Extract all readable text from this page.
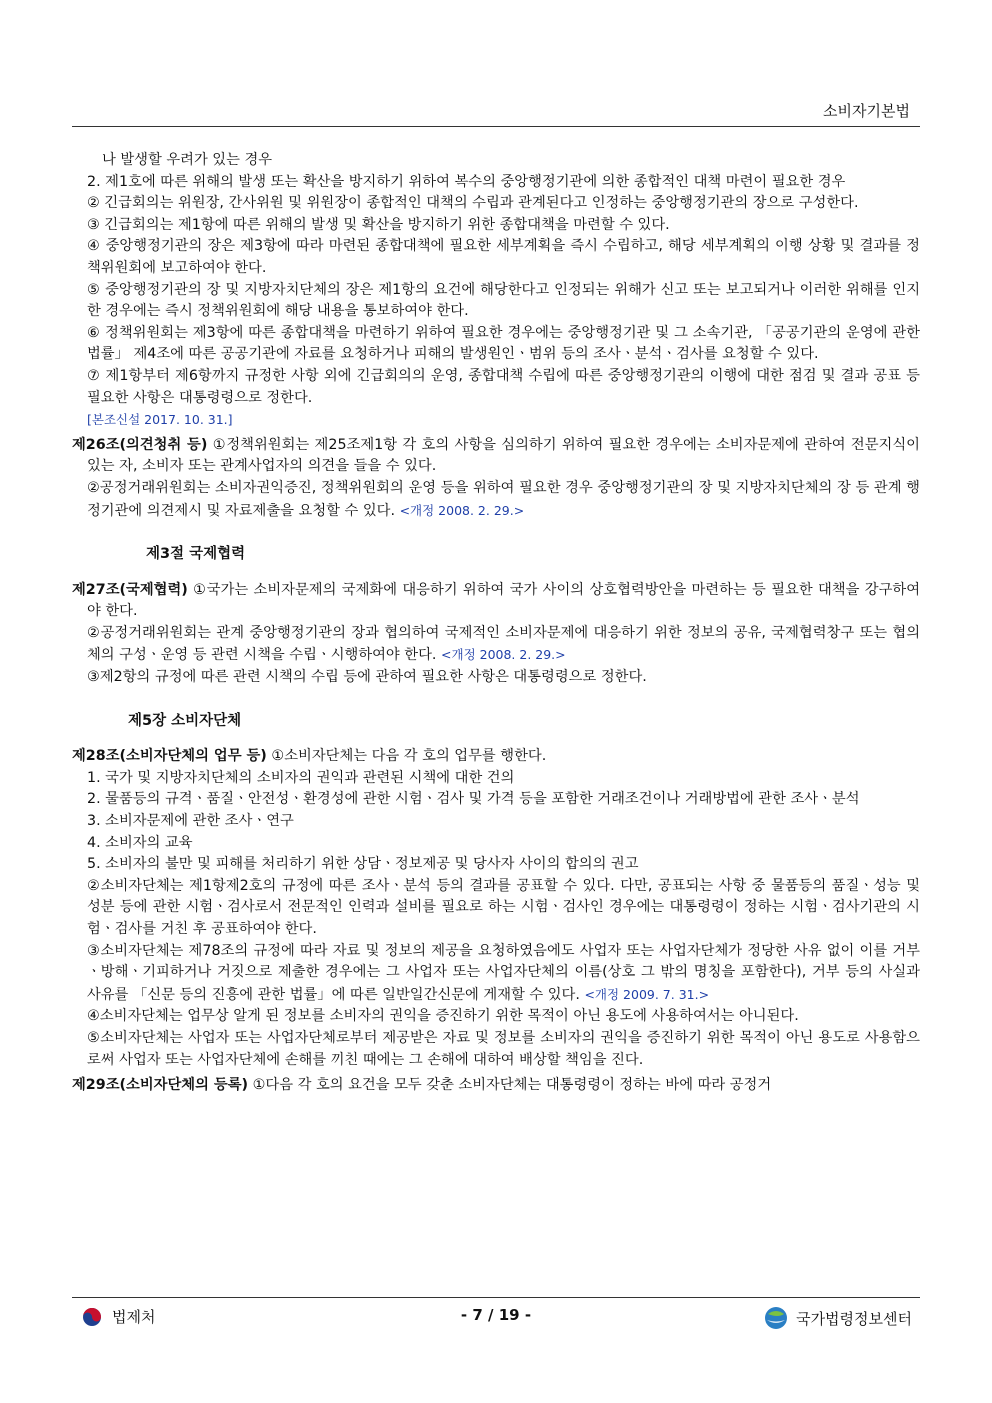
소비자기본법
나 발생할 우려가 있는 경우
2. 제1호에 따른 위해의 발생 또는 확산을 방지하기 위하여 복수의 중앙행정기관에 의한 종합적인 대책 마련이 필요한 경우
② 긴급회의는 위원장, 간사위원 및 위원장이 종합적인 대책의 수립과 관계된다고 인정하는 중앙행정기관의 장으로 구성한다.
③ 긴급회의는 제1항에 따른 위해의 발생 및 확산을 방지하기 위한 종합대책을 마련할 수 있다.
④ 중앙행정기관의 장은 제3항에 따라 마련된 종합대책에 필요한 세부계획을 즉시 수립하고, 해당 세부계획의 이행 상황 및 결과를 정책위원회에 보고하여야 한다.
⑤ 중앙행정기관의 장 및 지방자치단체의 장은 제1항의 요건에 해당한다고 인정되는 위해가 신고 또는 보고되거나 이러한 위해를 인지한 경우에는 즉시 정책위원회에 해당 내용을 통보하여야 한다.
⑥ 정책위원회는 제3항에 따른 종합대책을 마련하기 위하여 필요한 경우에는 중앙행정기관 및 그 소속기관, 「공공기관의 운영에 관한 법률」 제4조에 따른 공공기관에 자료를 요청하거나 피해의 발생원인ㆍ범위 등의 조사ㆍ분석ㆍ검사를 요청할 수 있다.
⑦ 제1항부터 제6항까지 규정한 사항 외에 긴급회의의 운영, 종합대책 수립에 따른 중앙행정기관의 이행에 대한 점검 및 결과 공표 등 필요한 사항은 대통령령으로 정한다.
[본조신설 2017. 10. 31.]
제26조(의견청취 등) ①정책위원회는 제25조제1항 각 호의 사항을 심의하기 위하여 필요한 경우에는 소비자문제에 관하여 전문지식이 있는 자, 소비자 또는 관계사업자의 의견을 들을 수 있다.
②공정거래위원회는 소비자권익증진, 정책위원회의 운영 등을 위하여 필요한 경우 중앙행정기관의 장 및 지방자치단체의 장 등 관계 행정기관에 의견제시 및 자료제출을 요청할 수 있다. <개정 2008. 2. 29.>
제3절 국제협력
제27조(국제협력) ①국가는 소비자문제의 국제화에 대응하기 위하여 국가 사이의 상호협력방안을 마련하는 등 필요한 대책을 강구하여야 한다.
②공정거래위원회는 관계 중앙행정기관의 장과 협의하여 국제적인 소비자문제에 대응하기 위한 정보의 공유, 국제협력창구 또는 협의체의 구성ㆍ운영 등 관련 시책을 수립ㆍ시행하여야 한다. <개정 2008. 2. 29.>
③제2항의 규정에 따른 관련 시책의 수립 등에 관하여 필요한 사항은 대통령령으로 정한다.
제5장 소비자단체
제28조(소비자단체의 업무 등) ①소비자단체는 다음 각 호의 업무를 행한다.
1. 국가 및 지방자치단체의 소비자의 권익과 관련된 시책에 대한 건의
2. 물품등의 규격ㆍ품질ㆍ안전성ㆍ환경성에 관한 시험ㆍ검사 및 가격 등을 포함한 거래조건이나 거래방법에 관한 조사ㆍ분석
3. 소비자문제에 관한 조사ㆍ연구
4. 소비자의 교육
5. 소비자의 불만 및 피해를 처리하기 위한 상담ㆍ정보제공 및 당사자 사이의 합의의 권고
②소비자단체는 제1항제2호의 규정에 따른 조사ㆍ분석 등의 결과를 공표할 수 있다. 다만, 공표되는 사항 중 물품등의 품질ㆍ성능 및 성분 등에 관한 시험ㆍ검사로서 전문적인 인력과 설비를 필요로 하는 시험ㆍ검사인 경우에는 대통령령이 정하는 시험ㆍ검사기관의 시험ㆍ검사를 거친 후 공표하여야 한다.
③소비자단체는 제78조의 규정에 따라 자료 및 정보의 제공을 요청하였음에도 사업자 또는 사업자단체가 정당한 사유 없이 이를 거부ㆍ방해ㆍ기피하거나 거짓으로 제출한 경우에는 그 사업자 또는 사업자단체의 이름(상호 그 밖의 명칭을 포함한다), 거부 등의 사실과 사유를 「신문 등의 진흥에 관한 법률」에 따른 일반일간신문에 게재할 수 있다. <개정 2009. 7. 31.>
④소비자단체는 업무상 알게 된 정보를 소비자의 권익을 증진하기 위한 목적이 아닌 용도에 사용하여서는 아니된다.
⑤소비자단체는 사업자 또는 사업자단체로부터 제공받은 자료 및 정보를 소비자의 권익을 증진하기 위한 목적이 아닌 용도로 사용함으로써 사업자 또는 사업자단체에 손해를 끼친 때에는 그 손해에 대하여 배상할 책임을 진다.
제29조(소비자단체의 등록) ①다음 각 호의 요건을 모두 갖춘 소비자단체는 대통령령이 정하는 바에 따라 공정거
법제처	- 7 / 19 -	국가법령정보센터
